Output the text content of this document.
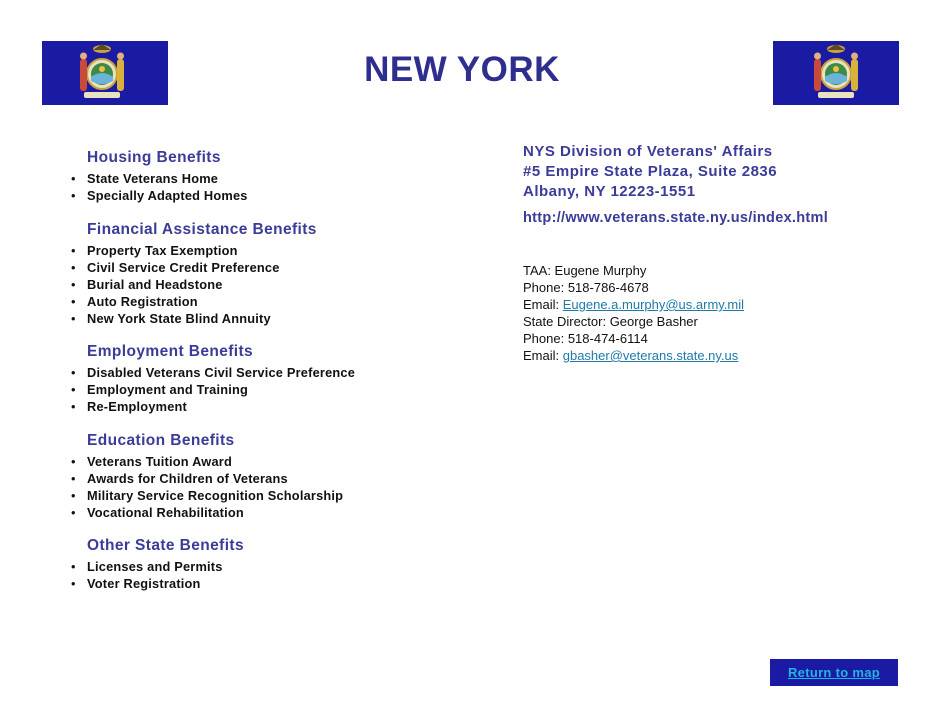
NEW YORK
Housing Benefits
• State Veterans Home
• Specially Adapted Homes
Financial Assistance Benefits
• Property Tax Exemption
• Civil Service Credit Preference
• Burial and Headstone
• Auto Registration
• New York State Blind Annuity
Employment Benefits
• Disabled Veterans Civil Service Preference
• Employment and Training
• Re-Employment
Education Benefits
• Veterans Tuition Award
• Awards for Children of Veterans
• Military Service Recognition Scholarship
• Vocational Rehabilitation
Other State Benefits
• Licenses and Permits
• Voter Registration
NYS Division of Veterans' Affairs
#5 Empire State Plaza, Suite 2836
Albany, NY 12223-1551
http://www.veterans.state.ny.us/index.html
TAA: Eugene Murphy
Phone: 518-786-4678
Email: Eugene.a.murphy@us.army.mil
State Director: George Basher
Phone: 518-474-6114
Email: gbasher@veterans.state.ny.us
Return to map
